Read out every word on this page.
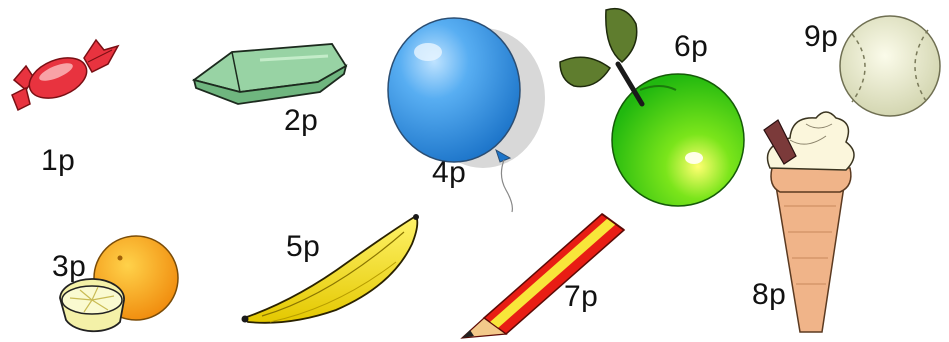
1p
2p
3p
4p
5p
6p
7p	8p
9p
